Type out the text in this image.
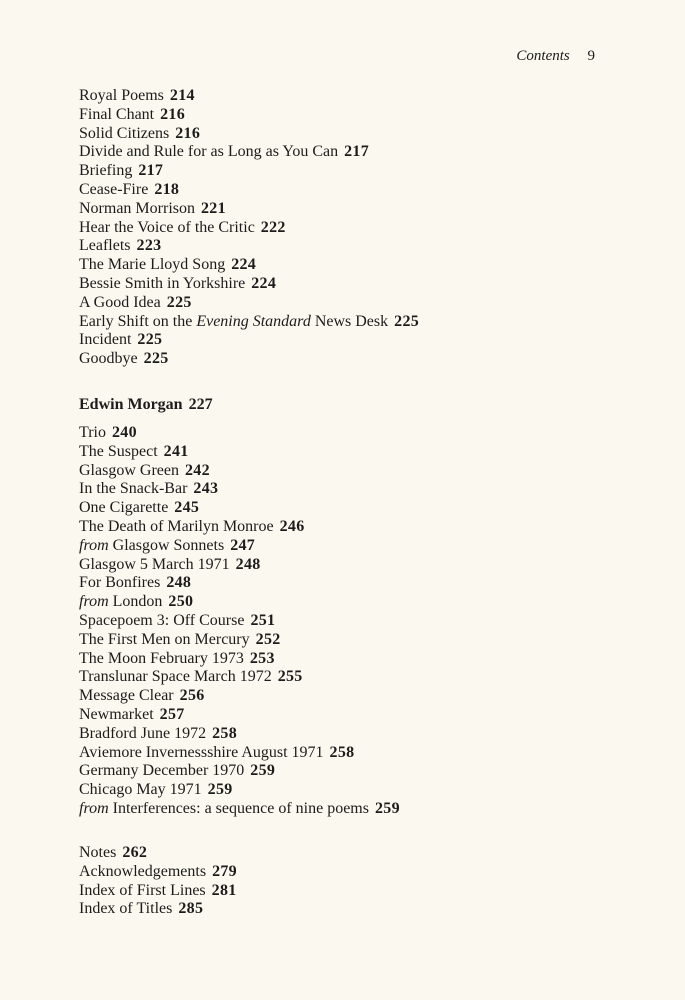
Contents 9
Royal Poems 214
Final Chant 216
Solid Citizens 216
Divide and Rule for as Long as You Can 217
Briefing 217
Cease-Fire 218
Norman Morrison 221
Hear the Voice of the Critic 222
Leaflets 223
The Marie Lloyd Song 224
Bessie Smith in Yorkshire 224
A Good Idea 225
Early Shift on the Evening Standard News Desk 225
Incident 225
Goodbye 225
Edwin Morgan 227
Trio 240
The Suspect 241
Glasgow Green 242
In the Snack-Bar 243
One Cigarette 245
The Death of Marilyn Monroe 246
from Glasgow Sonnets 247
Glasgow 5 March 1971 248
For Bonfires 248
from London 250
Spacepoem 3: Off Course 251
The First Men on Mercury 252
The Moon February 1973 253
Translunar Space March 1972 255
Message Clear 256
Newmarket 257
Bradford June 1972 258
Aviemore Invernessshire August 1971 258
Germany December 1970 259
Chicago May 1971 259
from Interferences: a sequence of nine poems 259
Notes 262
Acknowledgements 279
Index of First Lines 281
Index of Titles 285
